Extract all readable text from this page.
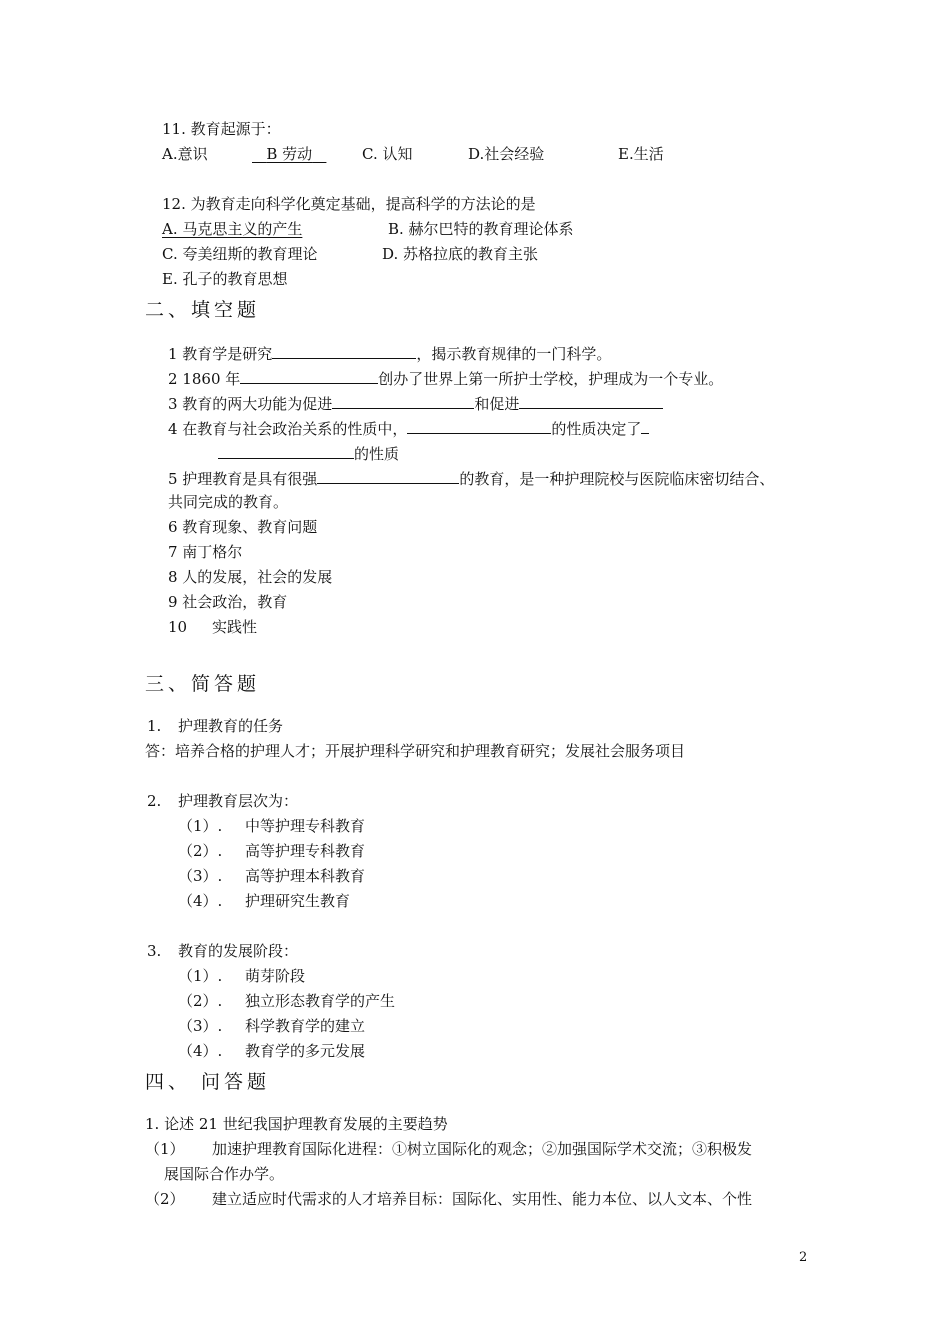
11. 教育起源于：
A.意识	B 劳动	C. 认知	D.社会经验	E.生活
12. 为教育走向科学化奠定基础，提高科学的方法论的是
A. 马克思主义的产生	B. 赫尔巴特的教育理论体系
C. 夸美纽斯的教育理论	D. 苏格拉底的教育主张
E. 孔子的教育思想
二、填空题
1 教育学是研究	，揭示教育规律的一门科学。
2 1860 年	创办了世界上第一所护士学校，护理成为一个专业。
3 教育的两大功能为促进	和促进
4 在教育与社会政治关系的性质中，	的性质决定了
的性质
5 护理教育是具有很强	的教育，是一种护理院校与医院临床密切结合、
共同完成的教育。
6 教育现象、教育问题
7 南丁格尔
8 人的发展，社会的发展
9 社会政治，教育
10 实践性
三、简答题
1. 护理教育的任务
答：培养合格的护理人才；开展护理科学研究和护理教育研究；发展社会服务项目
2. 护理教育层次为：
（1）. 中等护理专科教育
（2）. 高等护理专科教育
（3）. 高等护理本科教育
（4）. 护理研究生教育
3. 教育的发展阶段：
（1）. 萌芽阶段
（2）. 独立形态教育学的产生
（3）. 科学教育学的建立
（4）. 教育学的多元发展
四、 问答题
1. 论述 21 世纪我国护理教育发展的主要趋势
（1） 加速护理教育国际化进程：①树立国际化的观念；②加强国际学术交流；③积极发
展国际合作办学。
（2） 建立适应时代需求的人才培养目标：国际化、实用性、能力本位、以人文本、个性
2
